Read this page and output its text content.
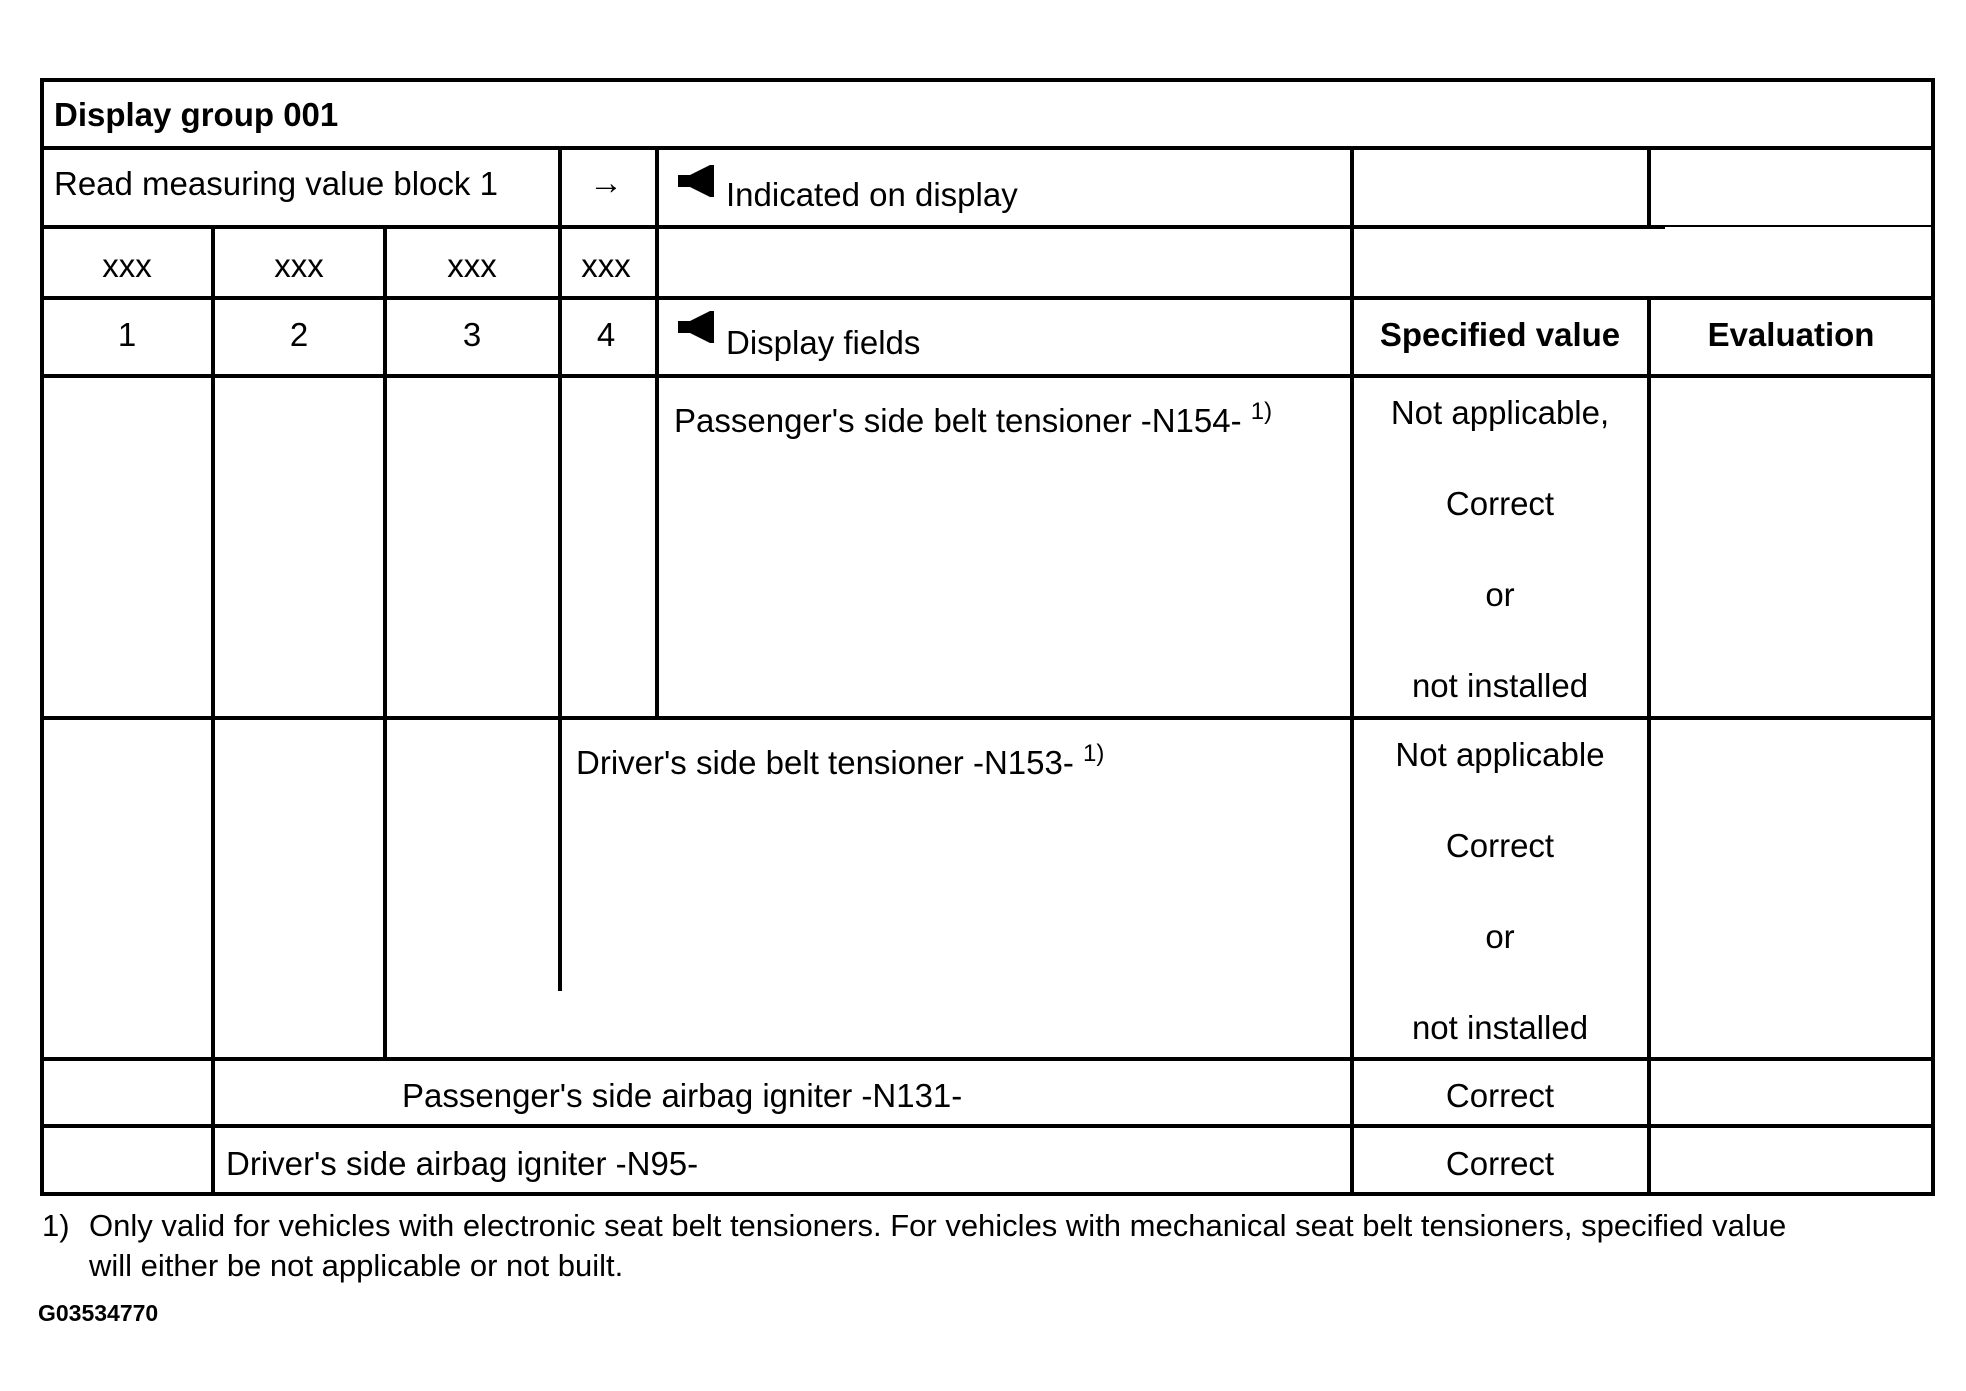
Display group 001
Read measuring value block 1	→	Indicated on display
xxx	xxx	xxx	xxx
1	2	3	4	Display fields	Specified value	Evaluation
Passenger's side belt tensioner -N154- $^{1)}$	Not applicable,
Correct
or
not installed
Driver's side belt tensioner -N153- $^{1)}$	Not applicable
Correct
or
not installed
Passenger's side airbag igniter -N131-	Correct
Driver's side airbag igniter -N95-	Correct
1) Only valid for vehicles with electronic seat belt tensioners. For vehicles with mechanical seat belt tensioners, specified value
will either be not applicable or not built.
G03534770
